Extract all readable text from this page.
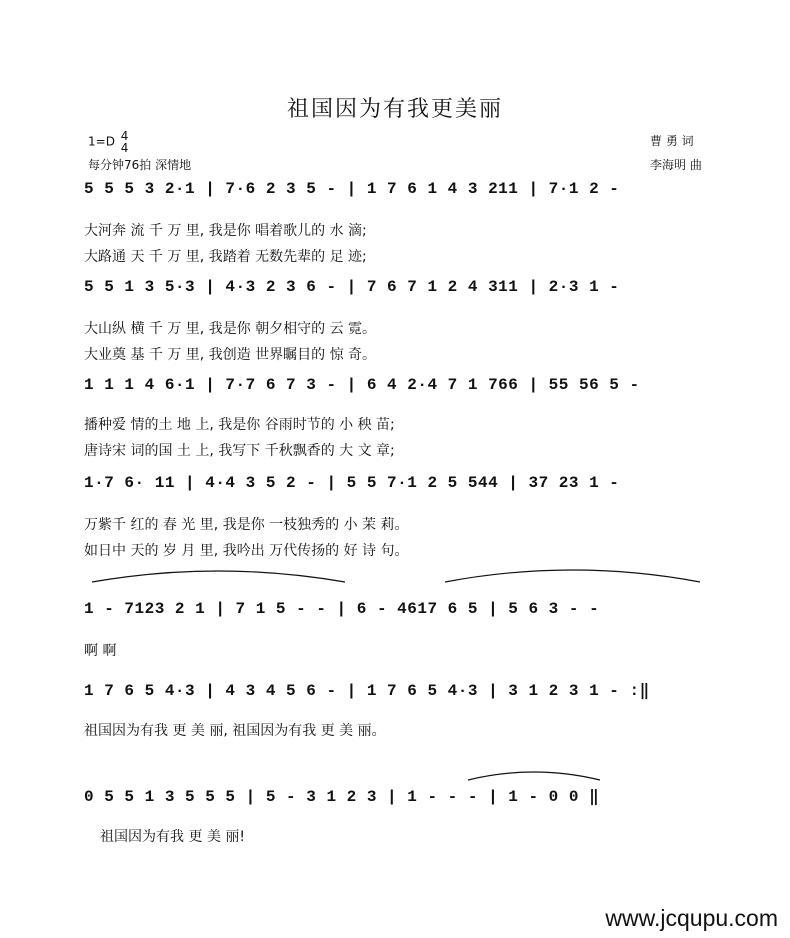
祖国因为有我更美丽
1=D 4
4
每分钟76拍 深情地
曹 勇 词
李海明 曲
5 5 5 3 2·1 | 7·6 2 3 5 - | 1 7 6 1 4 3 211 | 7·1 2 -
大河奔 流 千 万 里, 我是你 唱着歌儿的 水 滴;
大路通 天 千 万 里, 我踏着 无数先辈的 足 迹;
5 5 1 3 5·3 | 4·3 2 3 6 - | 7 6 7 1 2 4 311 | 2·3 1 -
大山纵 横 千 万 里, 我是你 朝夕相守的 云 霓。
大业奠 基 千 万 里, 我创造 世界瞩目的 惊 奇。
1 1 1 4 6·1 | 7·7 6 7 3 - | 6 4 2·4 7 1 766 | 55 56 5 -
播种爱 情的土 地 上, 我是你 谷雨时节的 小 秧 苗;
唐诗宋 词的国 土 上, 我写下 千秋飘香的 大 文 章;
1·7 6· 11 | 4·4 3 5 2 - | 5 5 7·1 2 5 544 | 37 23 1 -
万紫千 红的 春 光 里, 我是你 一枝独秀的 小 茉 莉。
如日中 天的 岁 月 里, 我吟出 万代传扬的 好 诗 句。
1 - 7123 2 1 | 7 1 5 - - | 6 - 4617 6 5 | 5 6 3 - -
啊 啊
1 7 6 5 4·3 | 4 3 4 5 6 - | 1 7 6 5 4·3 | 3 1 2 3 1 - :‖
祖国因为有我 更 美 丽, 祖国因为有我 更 美 丽。
0 5 5 1 3 5 5 5 | 5 - 3 1 2 3 | 1 - - - | 1 - 0 0 ‖
祖国因为有我 更 美 丽!
www.jcqupu.com
